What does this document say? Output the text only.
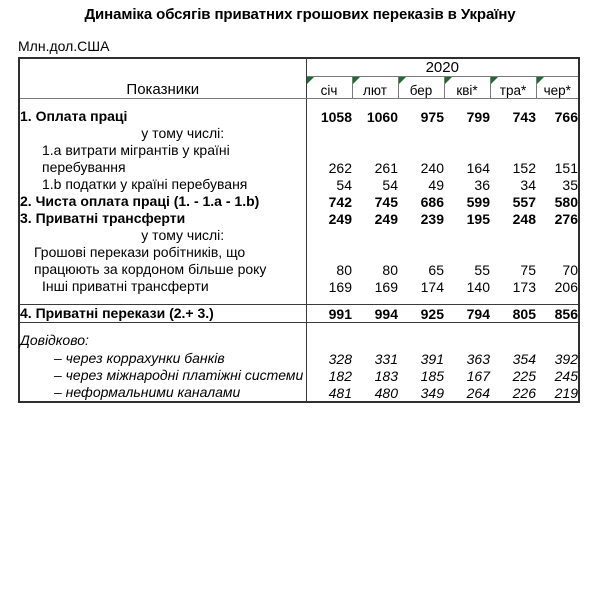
Динаміка обсягів приватних грошових переказів в Україну
Млн.дол.США
Показники	2020					

січ	лют	бер	кві*	тра*	чер*

1. Оплата праці	1058	1060	975	799	743	766
у тому числі:						
1.a витрати мігрантів у країні перебування	262	261	240	164	152	151
1.b податки у країні перебуваня	54	54	49	36	34	35
2. Чиста оплата праці (1. - 1.a - 1.b)	742	745	686	599	557	580
3. Приватні трансферти	249	249	239	195	248	276
у тому числі:						
Грошові перекази робітників, що працюють за кордоном більше року	80	80	65	55	75	70
Інші приватні трансферти	169	169	174	140	173	206

4. Приватні перекази (2.+ 3.)	991	994	925	794	805	856

Довідково:						
– через коррахунки банків	328	331	391	363	354	392
– через міжнародні платіжні системи	182	183	185	167	225	245
– неформальними каналами	481	480	349	264	226	219
